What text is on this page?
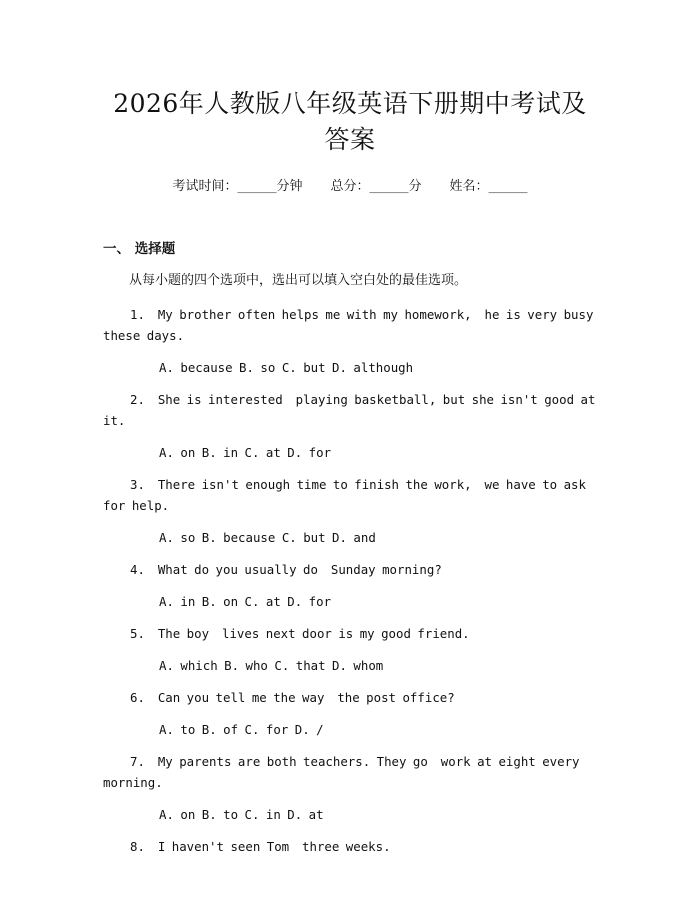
2026年人教版八年级英语下册期中考试及答案
考试时间：______分钟 总分：______分 姓名：______
一、 选择题
从每小题的四个选项中，选出可以填入空白处的最佳选项。

1. My brother often helps me with my homework,  he is very busy these days.

A. because B. so C. but D. although

2. She is interested  playing basketball, but she isn't good at it.

A. on B. in C. at D. for

3. There isn't enough time to finish the work,  we have to ask for help.

A. so B. because C. but D. and

4. What do you usually do  Sunday morning?

A. in B. on C. at D. for

5. The boy  lives next door is my good friend.

A. which B. who C. that D. whom

6. Can you tell me the way  the post office?

A. to B. of C. for D. /

7. My parents are both teachers. They go  work at eight every morning.

A. on B. to C. in D. at

8. I haven't seen Tom  three weeks.
